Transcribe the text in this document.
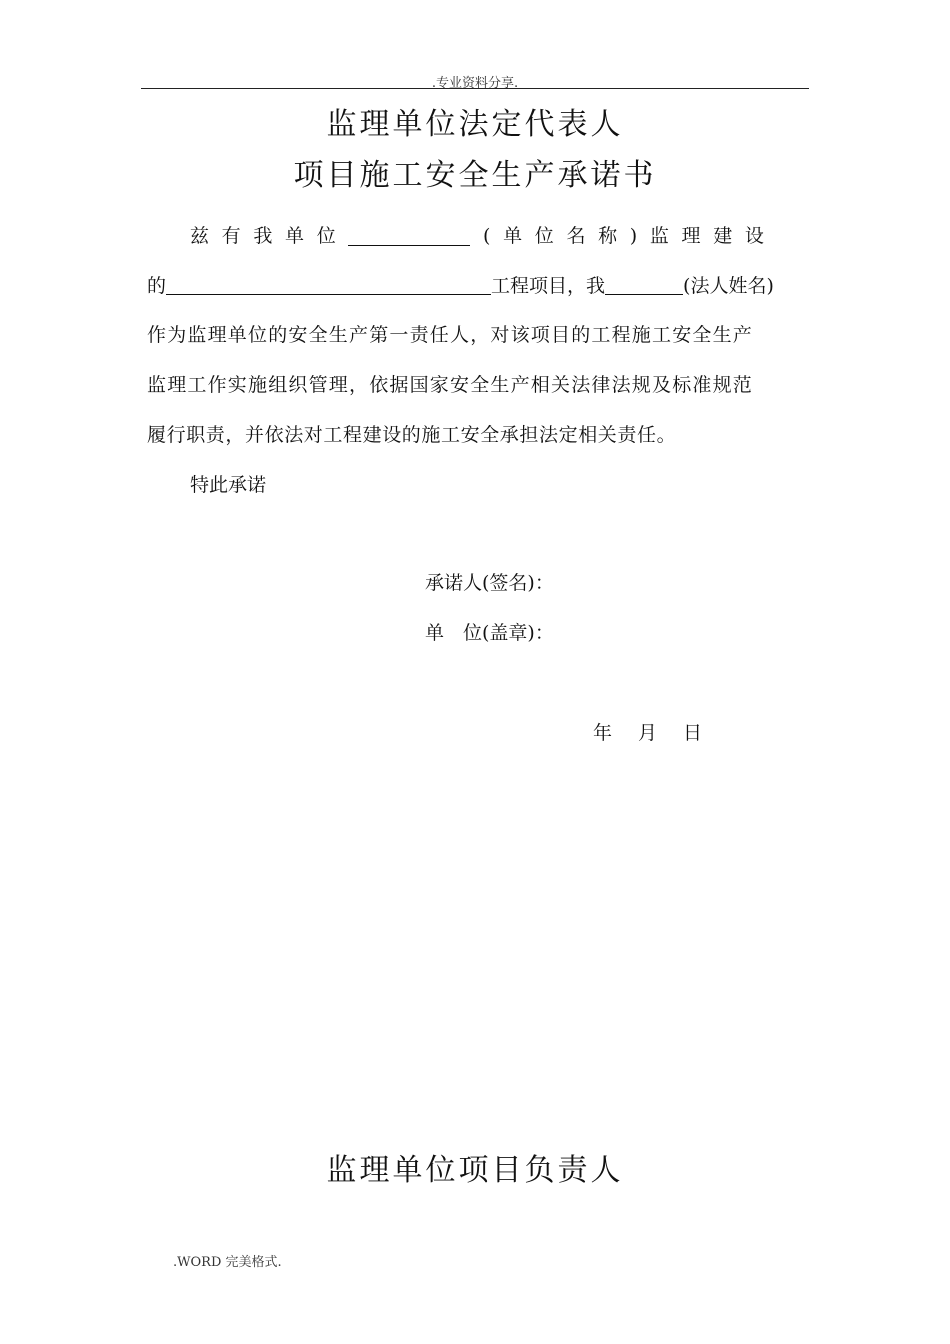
.专业资料分享.
监理单位法定代表人
项目施工安全生产承诺书
兹 有 我 单 位	( 单 位 名 称 ) 监 理 建 设
的	工程项目，我	(法人姓名)
作为监理单位的安全生产第一责任人，对该项目的工程施工安全生产
监理工作实施组织管理，依据国家安全生产相关法律法规及标准规范
履行职责，并依法对工程建设的施工安全承担法定相关责任。
特此承诺
承诺人(签名)：
单　位(盖章)：
年 月 日
监理单位项目负责人
.WORD 完美格式.
